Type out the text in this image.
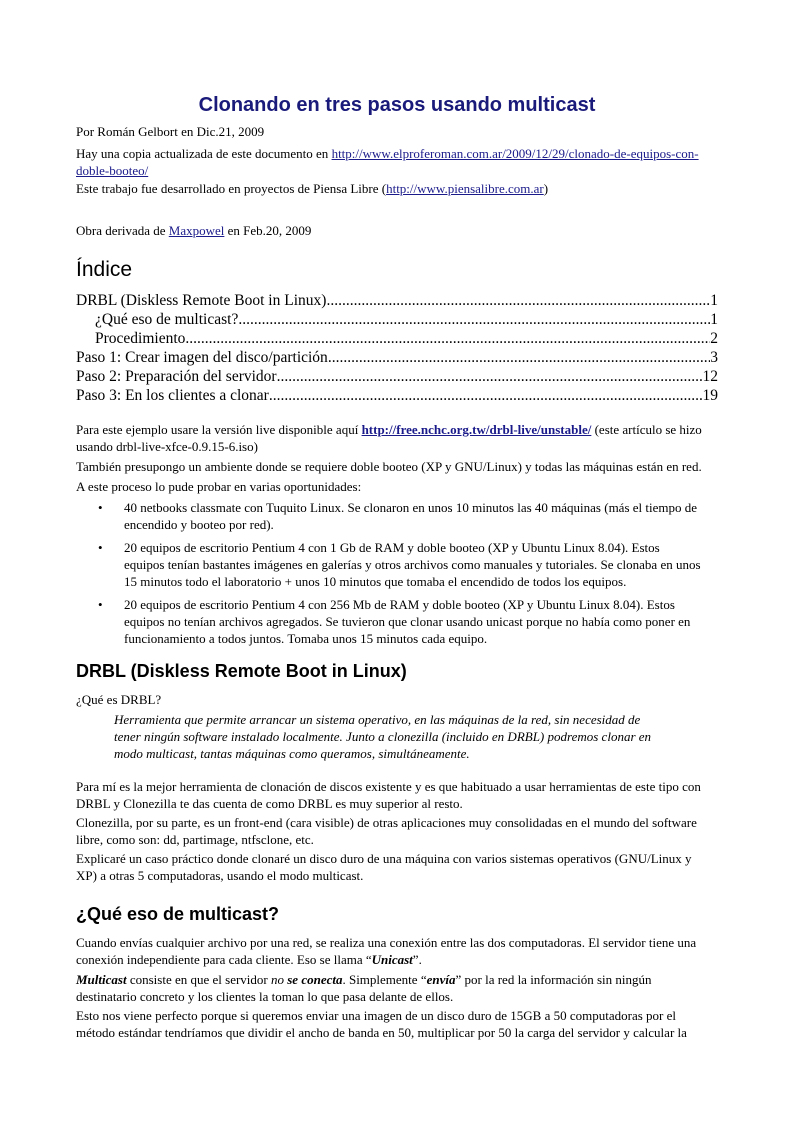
Clonando en tres pasos usando multicast

Por Román Gelbort en Dic.21, 2009

Hay una copia actualizada de este documento en http://www.elproferoman.com.ar/2009/12/29/clonado-de-equipos-con-
doble-booteo/

Este trabajo fue desarrollado en proyectos de Piensa Libre (http://www.piensalibre.com.ar)

Obra derivada de Maxpowel en Feb.20, 2009

Índice
DRBL (Diskless Remote Boot in Linux) .....	1
¿Qué eso de multicast? .....	1
Procedimiento .....	2
Paso 1: Crear imagen del disco/partición .....	3
Paso 2: Preparación del servidor .....	12
Paso 3: En los clientes a clonar .....	19

Para este ejemplo usare la versión live disponible aquí http://free.nchc.org.tw/drbl-live/unstable/ (este artículo se hizo
usando drbl-live-xfce-0.9.15-6.iso)

También presupongo un ambiente donde se requiere doble booteo (XP y GNU/Linux) y todas las máquinas están en red.

A este proceso lo pude probar en varias oportunidades:

• 40 netbooks classmate con Tuquito Linux. Se clonaron en unos 10 minutos las 40 máquinas (más el tiempo de
encendido y booteo por red).
• 20 equipos de escritorio Pentium 4 con 1 Gb de RAM y doble booteo (XP y Ubuntu Linux 8.04). Estos
equipos tenían bastantes imágenes en galerías y otros archivos como manuales y tutoriales. Se clonaba en unos
15 minutos todo el laboratorio + unos 10 minutos que tomaba el encendido de todos los equipos.
• 20 equipos de escritorio Pentium 4 con 256 Mb de RAM y doble booteo (XP y Ubuntu Linux 8.04). Estos
equipos no tenían archivos agregados. Se tuvieron que clonar usando unicast porque no había como poner en
funcionamiento a todos juntos. Tomaba unos 15 minutos cada equipo.
DRBL (Diskless Remote Boot in Linux)

¿Qué es DRBL?

Herramienta que permite arrancar un sistema operativo, en las máquinas de la red, sin necesidad de
tener ningún software instalado localmente. Junto a clonezilla (incluido en DRBL) podremos clonar en
modo multicast, tantas máquinas como queramos, simultáneamente.

Para mí es la mejor herramienta de clonación de discos existente y es que habituado a usar herramientas de este tipo con
DRBL y Clonezilla te das cuenta de como DRBL es muy superior al resto.

Clonezilla, por su parte, es un front-end (cara visible) de otras aplicaciones muy consolidadas en el mundo del software
libre, como son: dd, partimage, ntfsclone, etc.

Explicaré un caso práctico donde clonaré un disco duro de una máquina con varios sistemas operativos (GNU/Linux y
XP) a otras 5 computadoras, usando el modo multicast.

¿Qué eso de multicast?

Cuando envías cualquier archivo por una red, se realiza una conexión entre las dos computadoras. El servidor tiene una
conexión independiente para cada cliente. Eso se llama “Unicast”.

Multicast consiste en que el servidor no se conecta. Simplemente “envía” por la red la información sin ningún
destinatario concreto y los clientes la toman lo que pasa delante de ellos.

Esto nos viene perfecto porque si queremos enviar una imagen de un disco duro de 15GB a 50 computadoras por el
método estándar tendríamos que dividir el ancho de banda en 50, multiplicar por 50 la carga del servidor y calcular la
